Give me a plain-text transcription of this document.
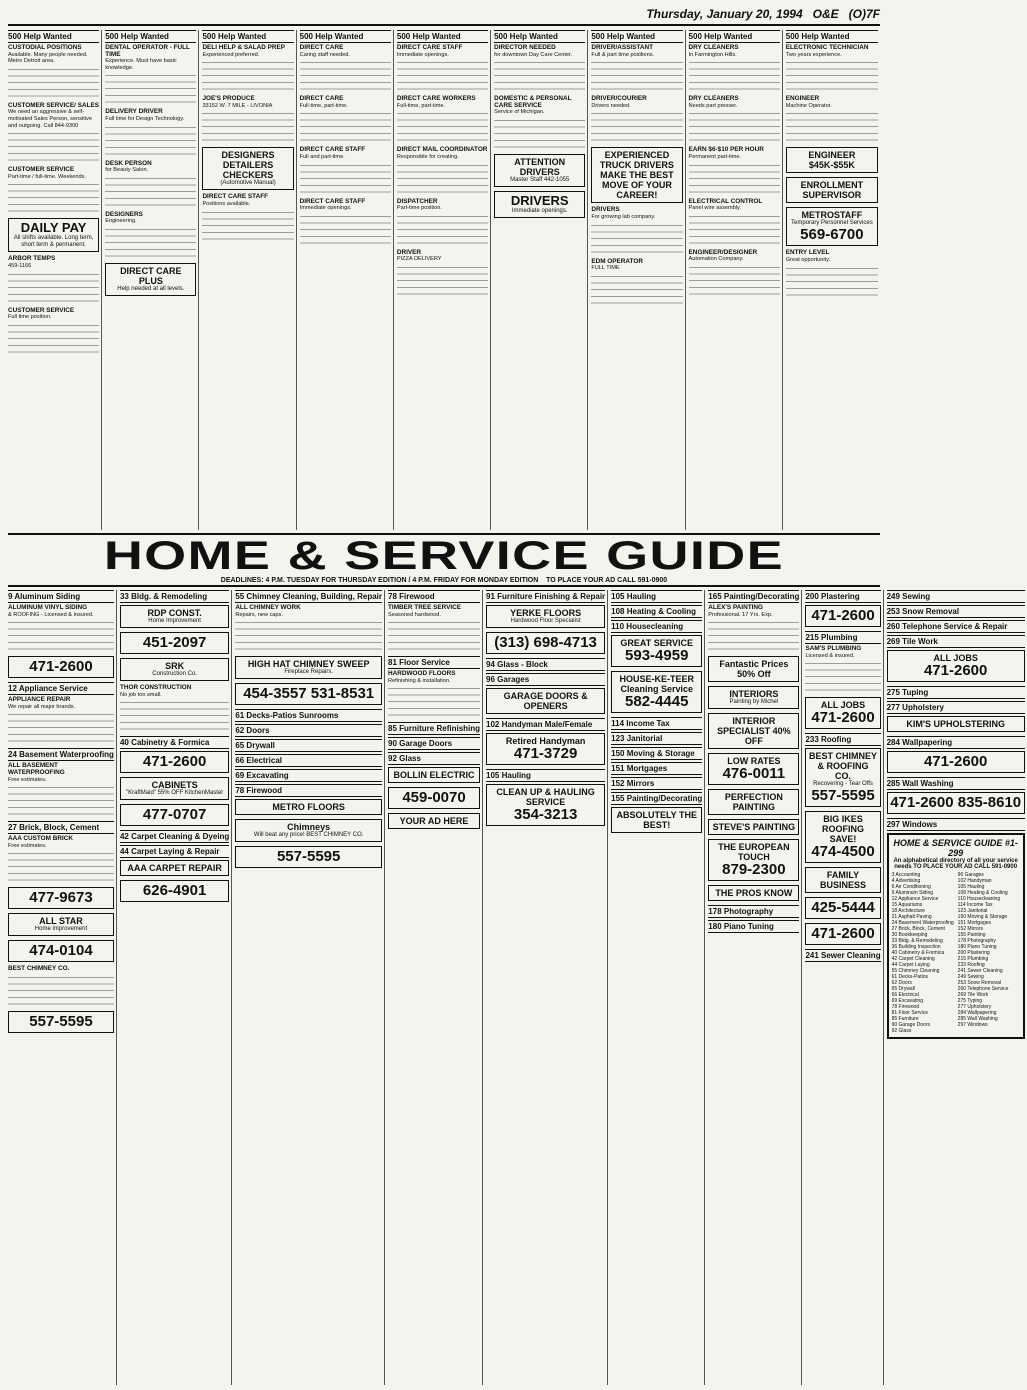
Thursday, January 20, 1994 O&E (O)7F
500 Help Wanted
CUSTODIAL POSITIONS
Available. Many people needed. Metro Detroit area.
CUSTOMER SERVICE/ SALES
We need an aggressive & self-motivated Sales Person, sensitive and outgoing. Call 844-9300
CUSTOMER SERVICE
Part-time / full-time. Weekends.
DAILY PAY
All shifts available. Long term, short term & permanent.
ARBOR TEMPS
459-1166
CUSTOMER SERVICE
Full time position.
500 Help Wanted
DENTAL OPERATOR - FULL TIME
Experience. Must have basic knowledge.
DELIVERY DRIVER
Full time for Design Technology.
DESK PERSON
for Beauty Salon.
DESIGNERS
Engineering.
DIRECT CARE PLUS
Help needed at all levels.
500 Help Wanted
DELI HELP & SALAD PREP
Experienced preferred.
JOE'S PRODUCE
33152 W. 7 MILE - LIVONIA
DESIGNERS DETAILERS CHECKERS
(Automotive Manual)
DIRECT CARE STAFF
Positions available.
500 Help Wanted
DIRECT CARE
Caring staff needed.
DIRECT CARE
Full-time, part-time.
DIRECT CARE STAFF
Full and part-time.
DIRECT CARE STAFF
Immediate openings.
500 Help Wanted
DIRECT CARE STAFF
Immediate openings.
DIRECT CARE WORKERS
Full-time, part-time.
DIRECT MAIL COORDINATOR
Responsible for creating.
DISPATCHER
Part-time position.
DRIVER
PIZZA DELIVERY
500 Help Wanted
DIRECTOR NEEDED
for downtown Day Care Center.
DOMESTIC & PERSONAL CARE SERVICE
Service of Michigan.
ATTENTION DRIVERS
Master Staff 442-1055
DRIVERS
Immediate openings.
500 Help Wanted
DRIVER/ASSISTANT
Full & part time positions.
DRIVER/COURIER
Drivers needed.
EXPERIENCED TRUCK DRIVERS MAKE THE BEST MOVE OF YOUR CAREER!
DRIVERS
For growing lab company.
EDM OPERATOR
FULL TIME
500 Help Wanted
DRY CLEANERS
In Farmington Hills.
DRY CLEANERS
Needs part presser.
EARN $6-$10 PER HOUR
Permanent part-time.
ELECTRICAL CONTROL
Panel wire assembly.
ENGINEER/DESIGNER
Automation Company.
500 Help Wanted
ELECTRONIC TECHNICIAN
Two years experience.
ENGINEER
Machine Operator.
ENGINEER $45K-$55K
ENROLLMENT SUPERVISOR
METROSTAFF
Temporary Personnel Services
569-6700
ENTRY LEVEL
Great opportunity.
HOME & SERVICE GUIDE
DEADLINES: 4 P.M. TUESDAY FOR THURSDAY EDITION / 4 P.M. FRIDAY FOR MONDAY EDITION TO PLACE YOUR AD CALL 591-0900
9 Aluminum Siding
ALUMINUM VINYL SIDING
& ROOFING - Licensed & insured.
471-2600
12 Appliance Service
APPLIANCE REPAIR
We repair all major brands.
24 Basement Waterproofing
ALL BASEMENT WATERPROOFING
Free estimates.
27 Brick, Block, Cement
AAA CUSTOM BRICK
Free estimates.
477-9673
ALL STAR
Home improvement
474-0104
BEST CHIMNEY CO.
557-5595
33 Bldg. & Remodeling
RDP CONST.
Home Improvement
451-2097
SRK
Construction Co.
THOR CONSTRUCTION
No job too small.
40 Cabinetry & Formica
471-2600
CABINETS
"KraftMaid" 55% OFF KitchenMaster
477-0707
42 Carpet Cleaning & Dyeing
44 Carpet Laying & Repair
AAA CARPET REPAIR
626-4901
55 Chimney Cleaning, Building, Repair
ALL CHIMNEY WORK
Repairs, new caps.
HIGH HAT CHIMNEY SWEEP
Fireplace Repairs.
454-3557 531-8531
61 Decks-Patios Sunrooms
62 Doors
65 Drywall
66 Electrical
69 Excavating
78 Firewood
METRO FLOORS
Chimneys
Will beat any price! BEST CHIMNEY CO.
557-5595
78 Firewood
TIMBER TREE SERVICE
Seasoned hardwood.
81 Floor Service
HARDWOOD FLOORS
Refinishing & installation.
85 Furniture Refinishing
90 Garage Doors
92 Glass
BOLLIN ELECTRIC
459-0070
YOUR AD HERE
91 Furniture Finishing & Repair
YERKE FLOORS
Hardwood Floor Specialist
(313) 698-4713
94 Glass - Block
96 Garages
GARAGE DOORS & OPENERS
102 Handyman Male/Female
Retired Handyman
471-3729
105 Hauling
CLEAN UP & HAULING SERVICE
354-3213
105 Hauling
108 Heating & Cooling
110 Housecleaning
GREAT SERVICE
593-4959
HOUSE-KE-TEER Cleaning Service
582-4445
114 Income Tax
123 Janitorial
150 Moving & Storage
151 Mortgages
152 Mirrors
155 Painting/Decorating
ABSOLUTELY THE BEST!
165 Painting/Decorating
ALEX'S PAINTING
Professional. 17 Yrs. Exp.
Fantastic Prices 50% Off
INTERIORS
Painting by Michel
INTERIOR SPECIALIST 40% OFF
LOW RATES
476-0011
PERFECTION PAINTING
STEVE'S PAINTING
THE EUROPEAN TOUCH
879-2300
THE PROS KNOW
178 Photography
180 Piano Tuning
200 Plastering
471-2600
215 Plumbing
SAM'S PLUMBING
Licensed & insured.
ALL JOBS
471-2600
233 Roofing
BEST CHIMNEY & ROOFING CO.
Recovering - Tear Offs
557-5595
BIG IKES ROOFING SAVE!
474-4500
FAMILY BUSINESS
425-5444
471-2600
241 Sewer Cleaning
249 Sewing
253 Snow Removal
260 Telephone Service & Repair
269 Tile Work
ALL JOBS
471-2600
275 Tuping
277 Upholstery
KIM'S UPHOLSTERING
284 Wallpapering
471-2600
285 Wall Washing
471-2600 835-8610
297 Windows
HOME & SERVICE GUIDE #1-299
An alphabetical directory of all your service needs TO PLACE YOUR AD CALL 591-0900
3 Accounting
4 Advertising
6 Air Conditioning
9 Aluminum Siding
12 Appliance Service
15 Aquariums
18 Architecture
21 Asphalt Paving
24 Basement Waterproofing
27 Brick, Block, Cement
30 Bookkeeping
33 Bldg. & Remodeling
36 Building Inspection
40 Cabinetry & Formica
42 Carpet Cleaning
44 Carpet Laying
55 Chimney Cleaning
61 Decks-Patios
62 Doors
65 Drywall
66 Electrical
69 Excavating
78 Firewood
81 Floor Service
85 Furniture
90 Garage Doors
92 Glass
96 Garages
102 Handyman
105 Hauling
108 Heating & Cooling
110 Housecleaning
114 Income Tax
123 Janitorial
150 Moving & Storage
151 Mortgages
152 Mirrors
155 Painting
178 Photography
180 Piano Tuning
200 Plastering
215 Plumbing
233 Roofing
241 Sewer Cleaning
249 Sewing
253 Snow Removal
260 Telephone Service
269 Tile Work
275 Typing
277 Upholstery
284 Wallpapering
285 Wall Washing
297 Windows
